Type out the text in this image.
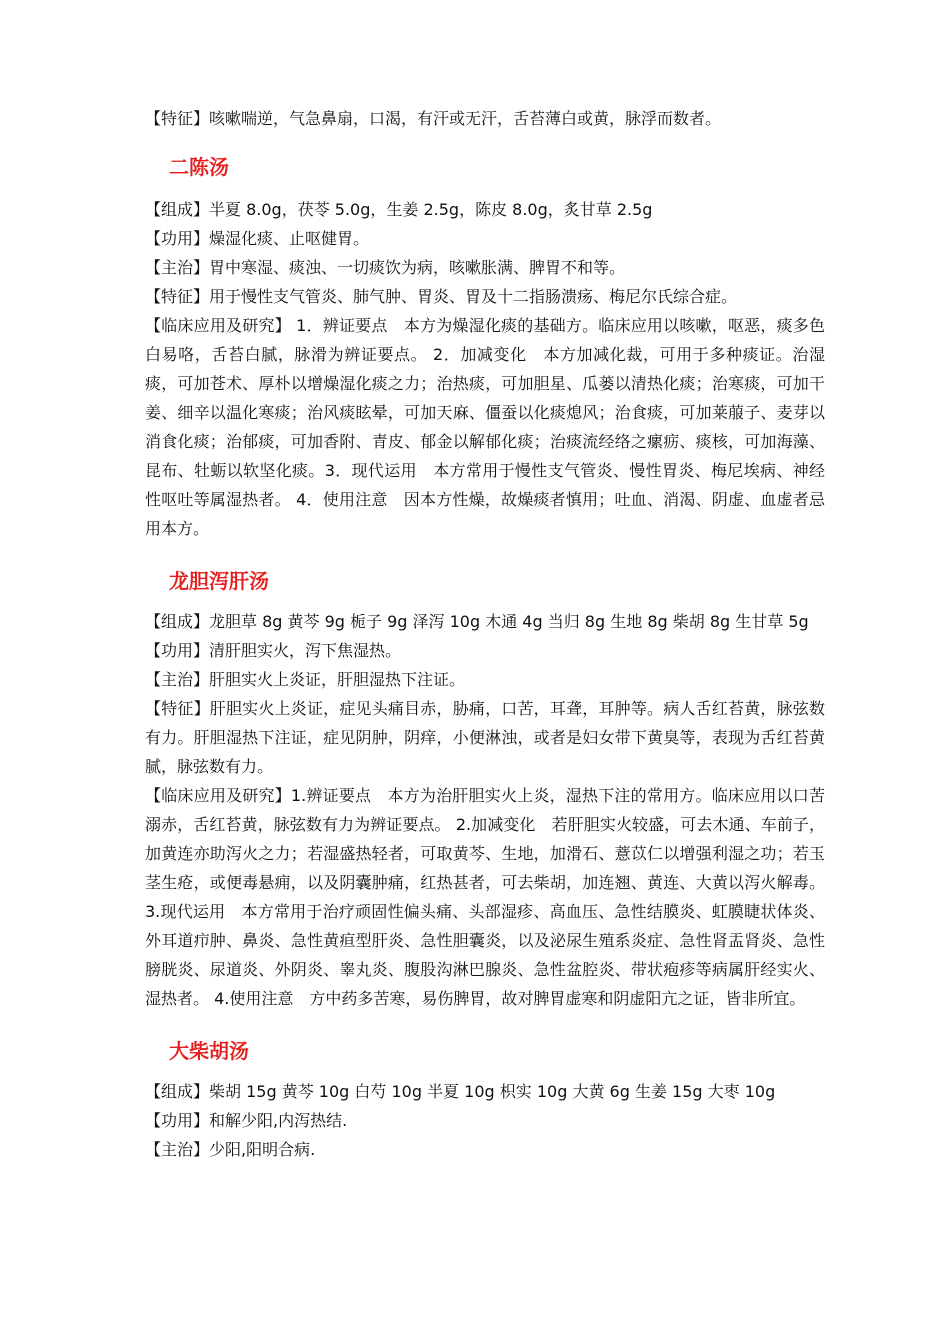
【特征】咳嗽喘逆，气急鼻扇，口渴，有汗或无汗，舌苔薄白或黄，脉浮而数者。

二陈汤

【组成】半夏 8.0g，茯苓 5.0g，生姜 2.5g，陈皮 8.0g，炙甘草 2.5g

【功用】燥湿化痰、止呕健胃。

【主治】胃中寒湿、痰浊、一切痰饮为病，咳嗽胀满、脾胃不和等。

【特征】用于慢性支气管炎、肺气肿、胃炎、胃及十二指肠溃疡、梅尼尔氏综合症。

【临床应用及研究】 1．辨证要点　本方为燥湿化痰的基础方。临床应用以咳嗽，呕恶，痰多色白易咯，舌苔白腻，脉滑为辨证要点。 2．加减变化　本方加减化裁，可用于多种痰证。治湿痰，可加苍术、厚朴以增燥湿化痰之力；治热痰，可加胆星、瓜蒌以清热化痰；治寒痰，可加干姜、细辛以温化寒痰；治风痰眩晕，可加天麻、僵蚕以化痰熄风；治食痰，可加莱菔子、麦芽以消食化痰；治郁痰，可加香附、青皮、郁金以解郁化痰；治痰流经络之瘰疬、痰核，可加海藻、昆布、牡蛎以软坚化痰。3．现代运用　本方常用于慢性支气管炎、慢性胃炎、梅尼埃病、神经性呕吐等属湿热者。 4．使用注意　因本方性燥，故燥痰者慎用；吐血、消渴、阴虚、血虚者忌用本方。

龙胆泻肝汤

【组成】龙胆草 8g 黄芩 9g 栀子 9g 泽泻 10g 木通 4g 当归 8g 生地 8g 柴胡 8g 生甘草 5g

【功用】清肝胆实火，泻下焦湿热。

【主治】肝胆实火上炎证，肝胆湿热下注证。

【特征】肝胆实火上炎证，症见头痛目赤，胁痛，口苦，耳聋，耳肿等。病人舌红苔黄，脉弦数有力。肝胆湿热下注证，症见阴肿，阴痒，小便淋浊，或者是妇女带下黄臭等，表现为舌红苔黄腻，脉弦数有力。

【临床应用及研究】1.辨证要点　本方为治肝胆实火上炎，湿热下注的常用方。临床应用以口苦溺赤，舌红苔黄，脉弦数有力为辨证要点。 2.加减变化　若肝胆实火较盛，可去木通、车前子，加黄连亦助泻火之力；若湿盛热轻者，可取黄芩、生地，加滑石、薏苡仁以增强利湿之功；若玉茎生疮，或便毒悬痈，以及阴囊肿痛，红热甚者，可去柴胡，加连翘、黄连、大黄以泻火解毒。 3.现代运用　本方常用于治疗顽固性偏头痛、头部湿疹、高血压、急性结膜炎、虹膜睫状体炎、外耳道疖肿、鼻炎、急性黄疸型肝炎、急性胆囊炎，以及泌尿生殖系炎症、急性肾盂肾炎、急性膀胱炎、尿道炎、外阴炎、睾丸炎、腹股沟淋巴腺炎、急性盆腔炎、带状疱疹等病属肝经实火、湿热者。 4.使用注意　方中药多苦寒，易伤脾胃，故对脾胃虚寒和阴虚阳亢之证，皆非所宜。

大柴胡汤

【组成】柴胡 15g 黄芩 10g 白芍 10g 半夏 10g 枳实 10g 大黄 6g 生姜 15g 大枣 10g

【功用】和解少阳,内泻热结.

【主治】少阳,阳明合病.
